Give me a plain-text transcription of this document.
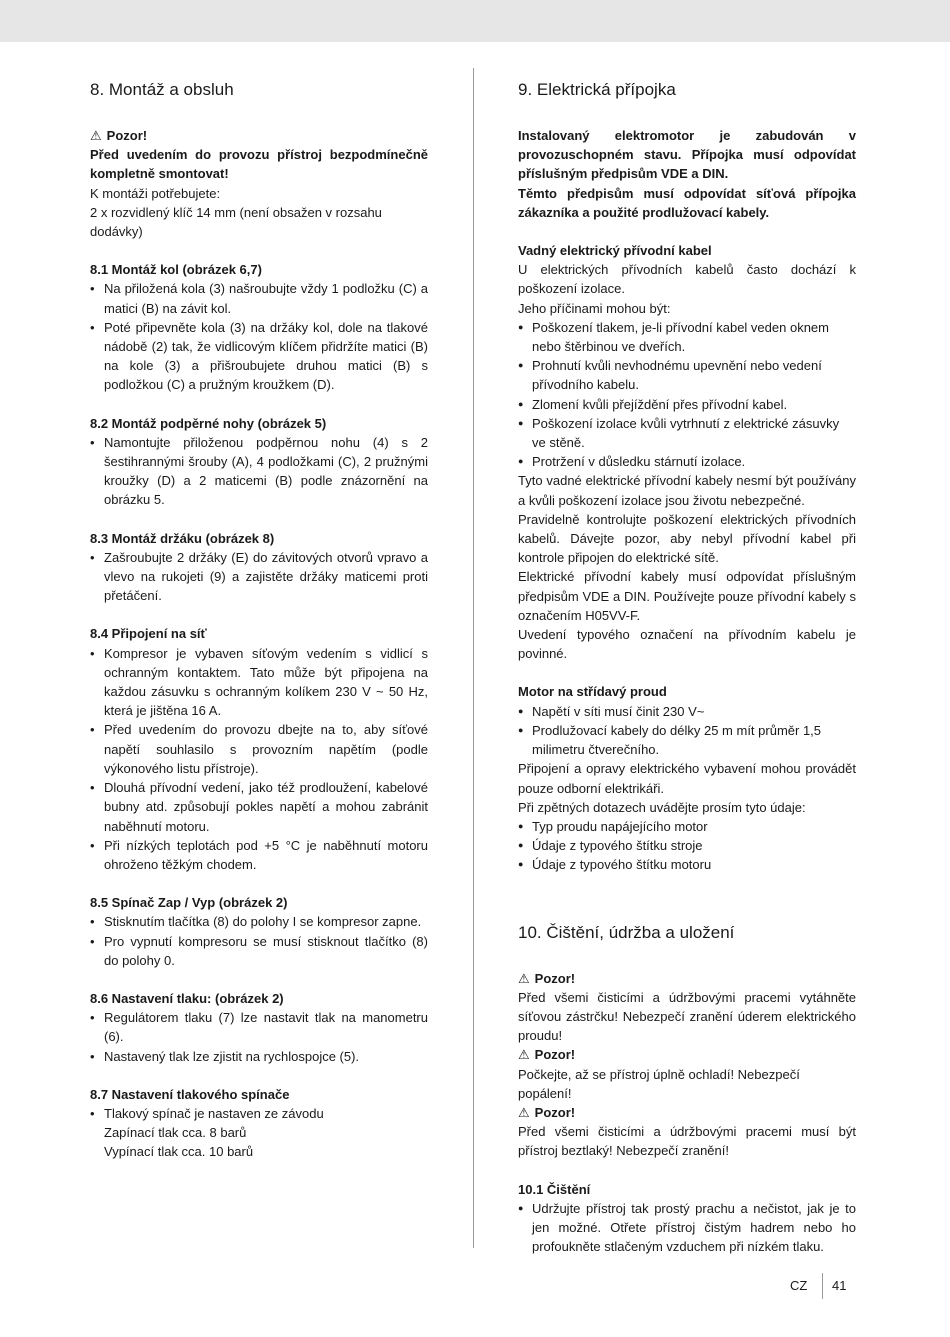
8. Montáž a obsluh

⚠ Pozor!

Před uvedením do provozu přístroj bezpodmínečně kompletně smontovat!

K montáži potřebujete:

2 x rozvidlený klíč 14 mm (není obsažen v rozsahu dodávky)

8.1 Montáž kol (obrázek 6,7)

• Na přiložená kola (3) našroubujte vždy 1 podložku (C) a matici (B) na závit kol.
• Poté připevněte kola (3) na držáky kol, dole na tlakové nádobě (2) tak, že vidlicovým klíčem přidržíte matici (B) na kole (3) a přišroubujete druhou matici (B) s podložkou (C) a pružným kroužkem (D).

8.2 Montáž podpěrné nohy (obrázek 5)

• Namontujte přiloženou podpěrnou nohu (4) s 2 šestihrannými šrouby (A), 4 podložkami (C), 2 pružnými kroužky (D) a 2 maticemi (B) podle znázornění na obrázku 5.

8.3 Montáž držáku (obrázek 8)

• Zašroubujte 2 držáky (E) do závitových otvorů vpravo a vlevo na rukojeti (9) a zajistěte držáky maticemi proti přetáčení.

8.4 Připojení na síť

• Kompresor je vybaven síťovým vedením s vidlicí s ochranným kontaktem. Tato může být připojena na každou zásuvku s ochranným kolíkem 230 V ~ 50 Hz, která je jištěna 16 A.
• Před uvedením do provozu dbejte na to, aby síťové napětí souhlasilo s provozním napětím (podle výkonového listu přístroje).
• Dlouhá přívodní vedení, jako též prodloužení, kabelové bubny atd. způsobují pokles napětí a mohou zabránit naběhnutí motoru.
• Při nízkých teplotách pod +5 °C je naběhnutí motoru ohroženo těžkým chodem.

8.5 Spínač Zap / Vyp (obrázek 2)

• Stisknutím tlačítka (8) do polohy I se kompresor zapne.
• Pro vypnutí kompresoru se musí stisknout tlačítko (8) do polohy 0.

8.6 Nastavení tlaku: (obrázek 2)

• Regulátorem tlaku (7) lze nastavit tlak na manometru (6).
• Nastavený tlak lze zjistit na rychlospojce (5).

8.7 Nastavení tlakového spínače

• Tlakový spínač je nastaven ze závodu

Zapínací tlak cca. 8 barů

Vypínací tlak cca. 10 barů

9. Elektrická přípojka

Instalovaný elektromotor je zabudován v provozuschopném stavu. Přípojka musí odpovídat příslušným předpisům VDE a DIN.

Těmto předpisům musí odpovídat síťová přípojka zákazníka a použité prodlužovací kabely.

Vadný elektrický přívodní kabel

U elektrických přívodních kabelů často dochází k poškození izolace.

Jeho příčinami mohou být:

● Poškození tlakem, je-li přívodní kabel veden oknem nebo štěrbinou ve dveřích.
● Prohnutí kvůli nevhodnému upevnění nebo vedení přívodního kabelu.
● Zlomení kvůli přejíždění přes přívodní kabel.
● Poškození izolace kvůli vytrhnutí z elektrické zásuvky ve stěně.
● Protržení v důsledku stárnutí izolace.

Tyto vadné elektrické přívodní kabely nesmí být používány a kvůli poškození izolace jsou životu nebezpečné.

Pravidelně kontrolujte poškození elektrických přívodních kabelů. Dávejte pozor, aby nebyl přívodní kabel při kontrole připojen do elektrické sítě.

Elektrické přívodní kabely musí odpovídat příslušným předpisům VDE a DIN. Používejte pouze přívodní kabely s označením H05VV-F.

Uvedení typového označení na přívodním kabelu je povinné.

Motor na střídavý proud

● Napětí v síti musí činit 230 V~
● Prodlužovací kabely do délky 25 m mít průměr 1,5 milimetru čtverečního.

Připojení a opravy elektrického vybavení mohou provádět pouze odborní elektrikáři.

Při zpětných dotazech uvádějte prosím tyto údaje:

● Typ proudu napájejícího motor
● Údaje z typového štítku stroje
● Údaje z typového štítku motoru
10. Čištění, údržba a uložení

⚠ Pozor!

Před všemi čisticími a údržbovými pracemi vytáhněte síťovou zástrčku! Nebezpečí zranění úderem elektrického proudu!

⚠ Pozor!

Počkejte, až se přístroj úplně ochladí! Nebezpečí popálení!

⚠ Pozor!

Před všemi čisticími a údržbovými pracemi musí být přístroj beztlaký! Nebezpečí zranění!

10.1 Čištění

● Udržujte přístroj tak prostý prachu a nečistot, jak je to jen možné. Otřete přístroj čistým hadrem nebo ho profoukněte stlačeným vzduchem při nízkém tlaku.
CZ 41
